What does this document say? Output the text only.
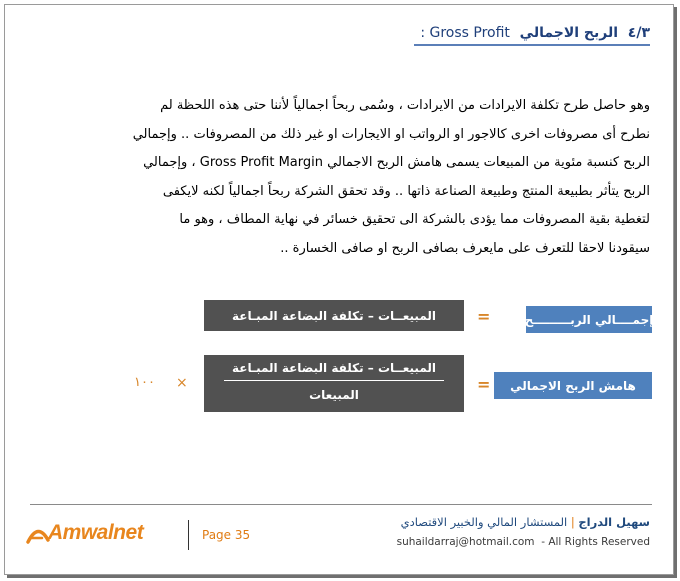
٤/٣  الربح الاجمالي  Gross Profit :

وهو حاصل طرح تكلفة الايرادات من الايرادات ، وسُمى ربحاً اجمالياً لأننا حتى هذه اللحظة لم

نطرح أى مصروفات اخرى كالاجور او الرواتب او الايجارات او غير ذلك من المصروفات .. وإجمالي

الربح كنسبة مئوية من المبيعات يسمى هامش الربح الاجمالي Gross Profit Margin ، وإجمالي

الربح يتأثر بطبيعة المنتج وطبيعة الصناعة ذاتها .. وقد تحقق الشركة ربحاً اجمالياً لكنه لايكفى

لتغطية بقية المصروفات مما يؤدى بالشركة الى تحقيق خسائر في نهاية المطاف ، وهو ما

سيقودنا لاحقا للتعرف على مايعرف بصافى الربح او صافى الخسارة ..

إجمــــالي الربـــــــــح
=
المبيعــات – تكلفة البضاعة المبـاعة
هامش الربح الاجمالي
=
المبيعــات – تكلفة البضاعة المبـاعة
المبيعات
×
١٠٠
سهيل الدراج | المستشار المالي والخبير الاقتصادي
suhaildarraj@hotmail.com - All Rights Reserved
Amwalnet	Page 35
